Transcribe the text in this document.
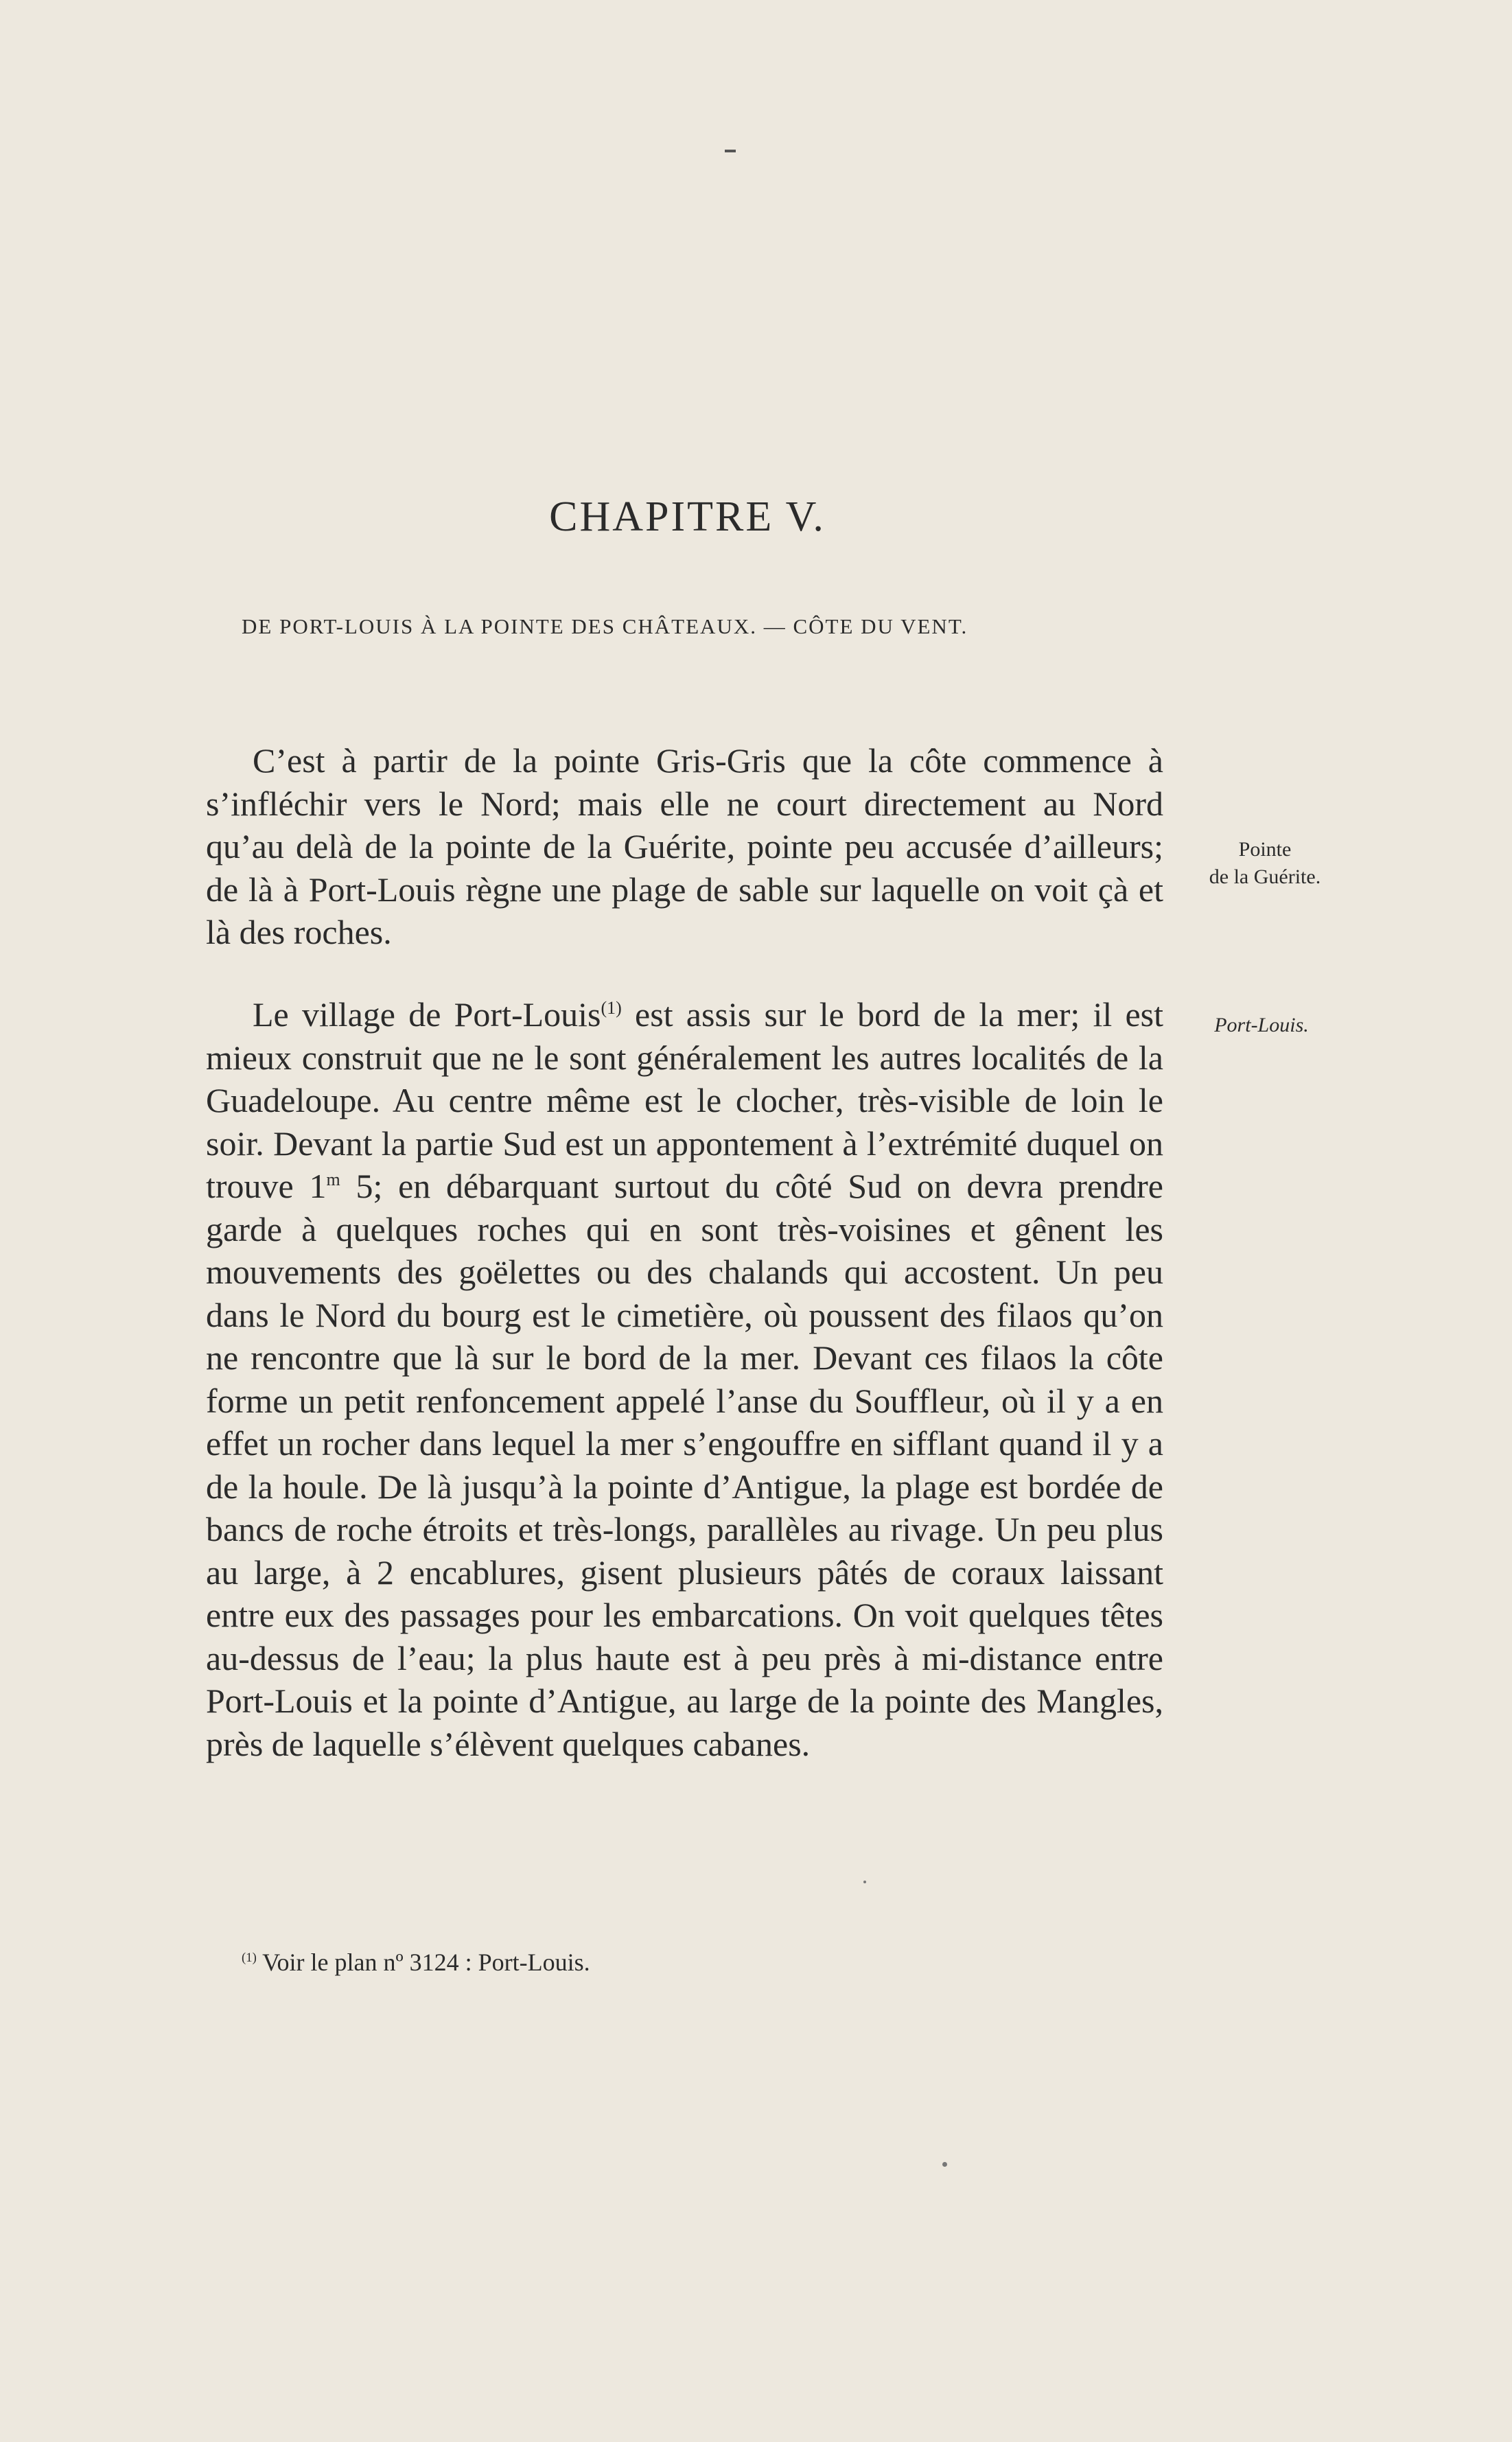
CHAPITRE V.
DE PORT-LOUIS À LA POINTE DES CHÂTEAUX. — CÔTE DU VENT.

C’est à partir de la pointe Gris-Gris que la côte commence à s’infléchir vers le Nord; mais elle ne court directement au Nord qu’au delà de la pointe de la Guérite, pointe peu accusée d’ailleurs; de là à Port-Louis règne une plage de sable sur laquelle on voit çà et là des roches.

Pointe
de la Guérite.

Le village de Port-Louis$^{(1)}$ est assis sur le bord de la mer; il est mieux construit que ne le sont généralement les autres localités de la Guadeloupe. Au centre même est le clocher, très-visible de loin le soir. Devant la partie Sud est un appontement à l’extrémité duquel on trouve 1$^m$ 5; en débarquant surtout du côté Sud on devra prendre garde à quelques roches qui en sont très-voisines et gênent les mouvements des goëlettes ou des chalands qui accostent. Un peu dans le Nord du bourg est le cimetière, où poussent des filaos qu’on ne rencontre que là sur le bord de la mer. Devant ces filaos la côte forme un petit renfoncement appelé l’anse du Souffleur, où il y a en effet un rocher dans lequel la mer s’engouffre en sifflant quand il y a de la houle. De là jusqu’à la pointe d’Antigue, la plage est bordée de bancs de roche étroits et très-longs, parallèles au rivage. Un peu plus au large, à 2 encablures, gisent plusieurs pâtés de coraux laissant entre eux des passages pour les embarcations. On voit quelques têtes au-dessus de l’eau; la plus haute est à peu près à mi-distance entre Port-Louis et la pointe d’Antigue, au large de la pointe des Mangles, près de laquelle s’élèvent quelques cabanes.

Port-Louis.

$^{(1)}$ Voir le plan nº 3124 : Port-Louis.
